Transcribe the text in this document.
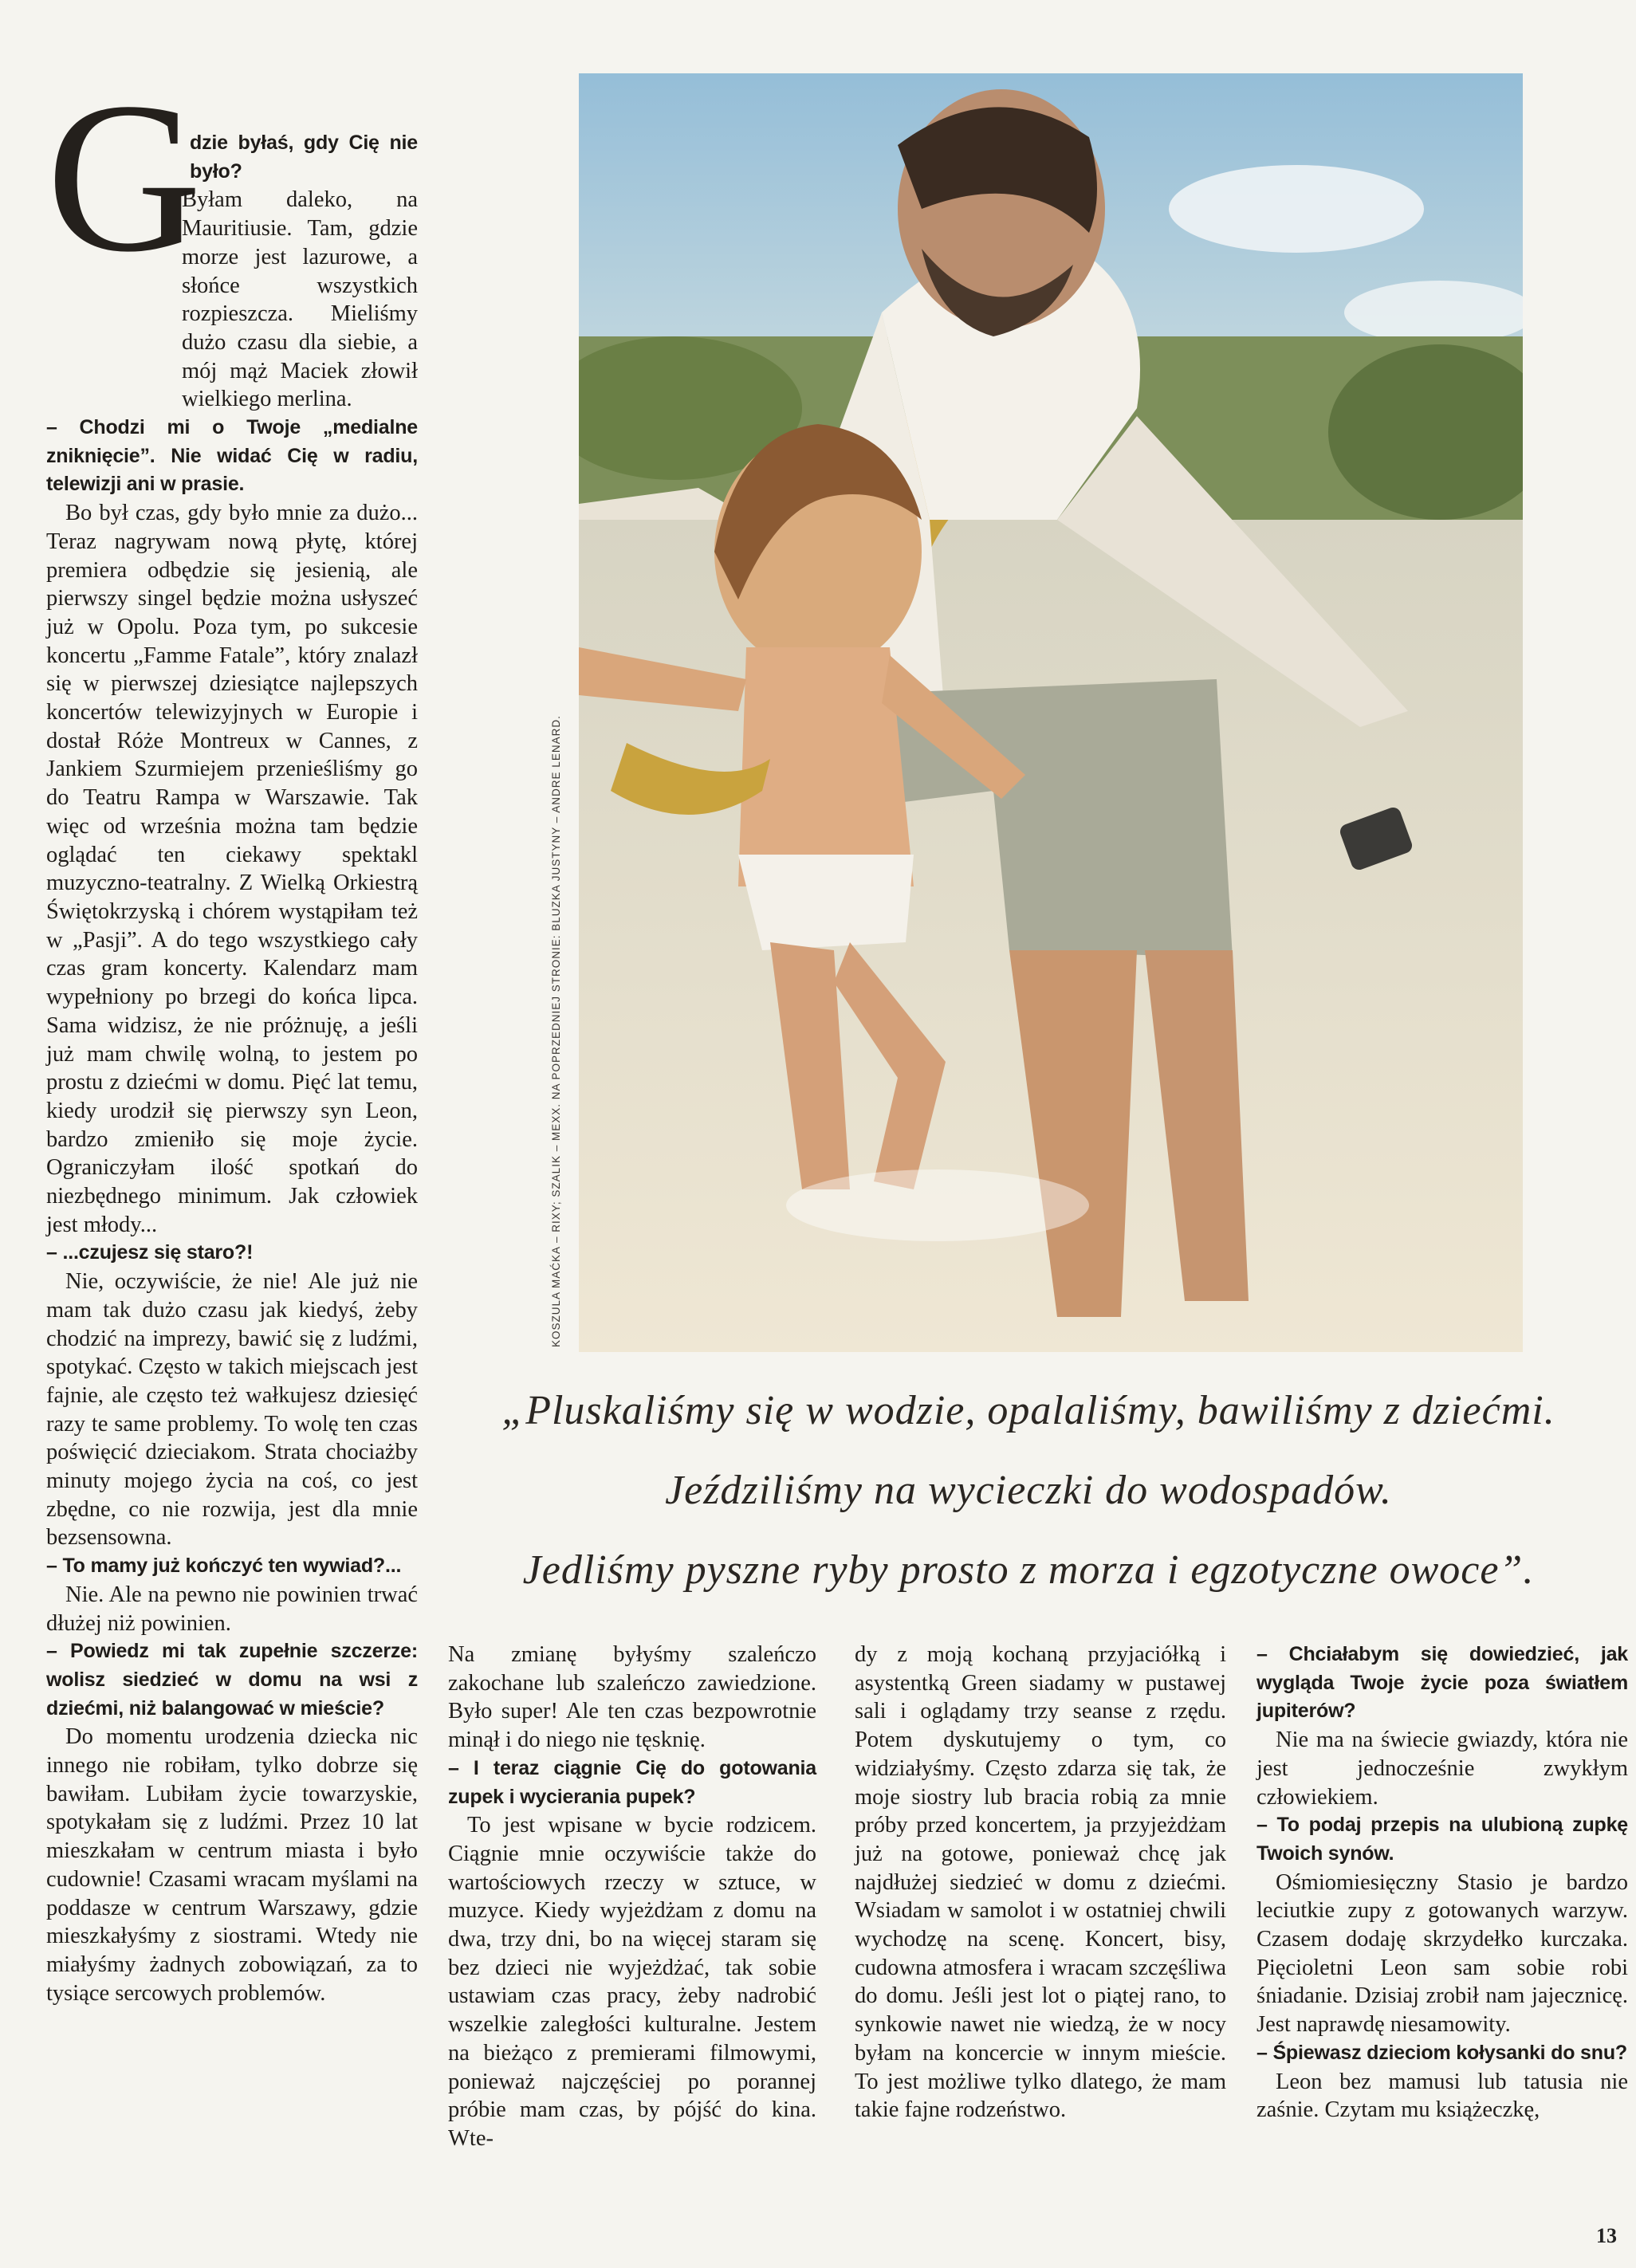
G

dzie byłaś, gdy Cię nie było?

Byłam daleko, na Mauritiusie. Tam, gdzie morze jest lazurowe, a słońce wszystkich rozpieszcza. Mieliśmy dużo czasu dla siebie, a mój mąż Maciek złowił wielkiego merlina.

– Chodzi mi o Twoje „medialne zniknięcie”. Nie widać Cię w radiu, telewizji ani w prasie.

Bo był czas, gdy było mnie za dużo... Teraz nagrywam nową płytę, której premiera odbędzie się jesienią, ale pierwszy singel będzie można usłyszeć już w Opolu. Poza tym, po sukcesie koncertu „Famme Fatale”, który znalazł się w pierwszej dziesiątce najlepszych koncertów telewizyjnych w Europie i dostał Róże Montreux w Cannes, z Jankiem Szurmiejem przenieśliśmy go do Teatru Rampa w Warszawie. Tak więc od września można tam będzie oglądać ten ciekawy spektakl muzyczno-teatralny. Z Wielką Orkiestrą Świętokrzyską i chórem wystąpiłam też w „Pasji”. A do tego wszystkiego cały czas gram koncerty. Kalendarz mam wypełniony po brzegi do końca lipca. Sama widzisz, że nie próżnuję, a jeśli już mam chwilę wolną, to jestem po prostu z dziećmi w domu. Pięć lat temu, kiedy urodził się pierwszy syn Leon, bardzo zmieniło się moje życie. Ograniczyłam ilość spotkań do niezbędnego minimum. Jak człowiek jest młody...

– ...czujesz się staro?!

Nie, oczywiście, że nie! Ale już nie mam tak dużo czasu jak kiedyś, żeby chodzić na imprezy, bawić się z ludźmi, spotykać. Często w takich miejscach jest fajnie, ale często też wałkujesz dziesięć razy te same problemy. To wolę ten czas poświęcić dzieciakom. Strata chociażby minuty mojego życia na coś, co jest zbędne, co nie rozwija, jest dla mnie bezsensowna.

– To mamy już kończyć ten wywiad?...

Nie. Ale na pewno nie powinien trwać dłużej niż powinien.

– Powiedz mi tak zupełnie szczerze: wolisz siedzieć w domu na wsi z dziećmi, niż balangować w mieście?

Do momentu urodzenia dziecka nic innego nie robiłam, tylko dobrze się bawiłam. Lubiłam życie towarzyskie, spotykałam się z ludźmi. Przez 10 lat mieszkałam w centrum miasta i było cudownie! Czasami wracam myślami na poddasze w centrum Warszawy, gdzie mieszkałyśmy z siostrami. Wtedy nie miałyśmy żadnych zobowiązań, za to tysiące sercowych problemów.

KOSZULA MAĆKA – RIXY; SZALIK – MEXX. NA POPRZEDNIEJ STRONIE: BLUZKA JUSTYNY – ANDRE LENARD.
„Pluskaliśmy się w wodzie, opalaliśmy, bawiliśmy z dziećmi.
Jeździliśmy na wycieczki do wodospadów.
Jedliśmy pyszne ryby prosto z morza i egzotyczne owoce”.

Na zmianę byłyśmy szaleńczo zakochane lub szaleńczo zawiedzione. Było super! Ale ten czas bezpowrotnie minął i do niego nie tęsknię.

– I teraz ciągnie Cię do gotowania zupek i wycierania pupek?

To jest wpisane w bycie rodzicem. Ciągnie mnie oczywiście także do wartościowych rzeczy w sztuce, w muzyce. Kiedy wyjeżdżam z domu na dwa, trzy dni, bo na więcej staram się bez dzieci nie wyjeżdżać, tak sobie ustawiam czas pracy, żeby nadrobić wszelkie zaległości kulturalne. Jestem na bieżąco z premierami filmowymi, ponieważ najczęściej po porannej próbie mam czas, by pójść do kina. Wte-

dy z moją kochaną przyjaciółką i asystentką Green siadamy w pustawej sali i oglądamy trzy seanse z rzędu. Potem dyskutujemy o tym, co widziałyśmy. Często zdarza się tak, że moje siostry lub bracia robią za mnie próby przed koncertem, ja przyjeżdżam już na gotowe, ponieważ chcę jak najdłużej siedzieć w domu z dziećmi. Wsiadam w samolot i w ostatniej chwili wychodzę na scenę. Koncert, bisy, cudowna atmosfera i wracam szczęśliwa do domu. Jeśli jest lot o piątej rano, to synkowie nawet nie wiedzą, że w nocy byłam na koncercie w innym mieście. To jest możliwe tylko dlatego, że mam takie fajne rodzeństwo.

– Chciałabym się dowiedzieć, jak wygląda Twoje życie poza światłem jupiterów?

Nie ma na świecie gwiazdy, która nie jest jednocześnie zwykłym człowiekiem.

– To podaj przepis na ulubioną zupkę Twoich synów.

Ośmiomiesięczny Stasio je bardzo leciutkie zupy z gotowanych warzyw. Czasem dodaję skrzydełko kurczaka. Pięcioletni Leon sam sobie robi śniadanie. Dzisiaj zrobił nam jajecznicę. Jest naprawdę niesamowity.

– Śpiewasz dzieciom kołysanki do snu?

Leon bez mamusi lub tatusia nie zaśnie. Czytam mu książeczkę,

13
